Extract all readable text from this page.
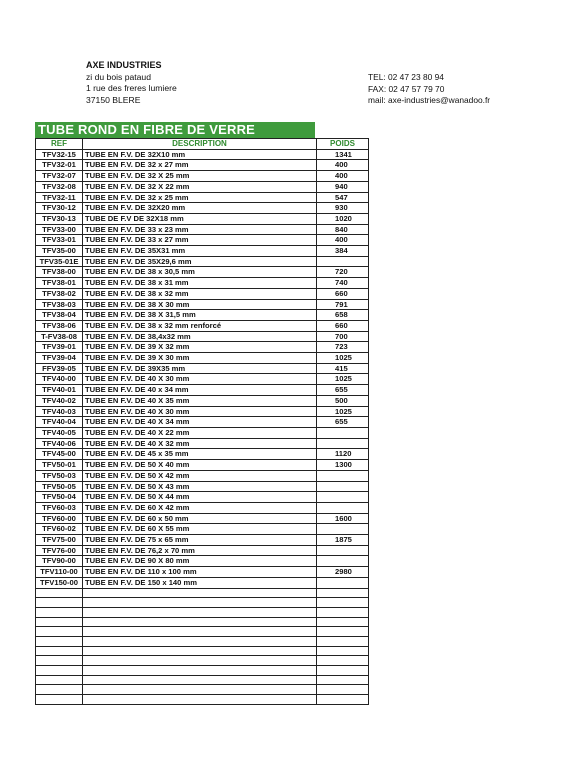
AXE INDUSTRIES
zi du bois pataud
1 rue des freres lumiere
37150 BLERE
TEL: 02 47 23 80 94
FAX: 02 47 57 79 70
mail: axe-industries@wanadoo.fr
TUBE ROND EN FIBRE DE VERRE
REF	DESCRIPTION	POIDS
TFV32-15	TUBE EN F.V. DE 32X10 mm	1341
TFV32-01	TUBE EN F.V. DE 32 x 27 mm	400
TFV32-07	TUBE EN F.V. DE 32 X 25 mm	400
TFV32-08	TUBE EN F.V. DE 32 X 22 mm	940
TFV32-11	TUBE EN F.V. DE 32 x 25 mm	547
TFV30-12	TUBE EN F.V. DE 32X20 mm	930
TFV30-13	TUBE DE F.V DE 32X18 mm	1020
TFV33-00	TUBE EN F.V. DE 33 x 23 mm	840
TFV33-01	TUBE EN F.V. DE 33 x 27 mm	400
TFV35-00	TUBE EN F.V. DE 35X31 mm	384
TFV35-01E	TUBE EN F.V. DE 35X29,6 mm	
TFV38-00	TUBE EN F.V. DE 38 x 30,5 mm	720
TFV38-01	TUBE EN F.V. DE 38 x 31 mm	740
TFV38-02	TUBE EN F.V. DE 38 x 32 mm	660
TFV38-03	TUBE EN F.V. DE 38 X 30 mm	791
TFV38-04	TUBE EN F.V. DE 38 X 31,5 mm	658
TFV38-06	TUBE EN F.V. DE 38 x 32 mm renforcé	660
T-FV38-08	TUBE EN F.V. DE 38,4x32 mm	700
TFV39-01	TUBE EN F.V. DE 39 X 32 mm	723
TFV39-04	TUBE EN F.V. DE 39 X 30 mm	1025
FFV39-05	TUBE EN F.V. DE 39X35 mm	415
TFV40-00	TUBE EN F.V. DE 40 X 30 mm	1025
TFV40-01	TUBE EN F.V. DE 40 x 34 mm	655
TFV40-02	TUBE EN F.V. DE 40 X 35 mm	500
TFV40-03	TUBE EN F.V. DE 40 X 30 mm	1025
TFV40-04	TUBE EN F.V. DE 40 X 34 mm	655
TFV40-05	TUBE EN F.V. DE 40 X 22 mm	
TFV40-06	TUBE EN F.V. DE 40 X 32 mm	
TFV45-00	TUBE EN F.V. DE 45 x 35 mm	1120
TFV50-01	TUBE EN F.V. DE 50 X 40 mm	1300
TFV50-03	TUBE EN F.V. DE 50 X 42 mm	
TFV50-05	TUBE EN F.V. DE 50 X 43 mm	
TFV50-04	TUBE EN F.V. DE 50 X 44 mm	
TFV60-03	TUBE EN F.V. DE 60 X 42 mm	
TFV60-00	TUBE EN F.V. DE 60 x 50 mm	1600
TFV60-02	TUBE EN F.V. DE 60 X 55 mm	
TFV75-00	TUBE EN F.V. DE 75 x 65 mm	1875
TFV76-00	TUBE EN F.V. DE 76,2 x 70 mm	
TFV90-00	TUBE EN F.V. DE 90 X 80 mm	
TFV110-00	TUBE EN F.V. DE 110 x 100 mm	2980
TFV150-00	TUBE EN F.V. DE 150 x 140 mm	
